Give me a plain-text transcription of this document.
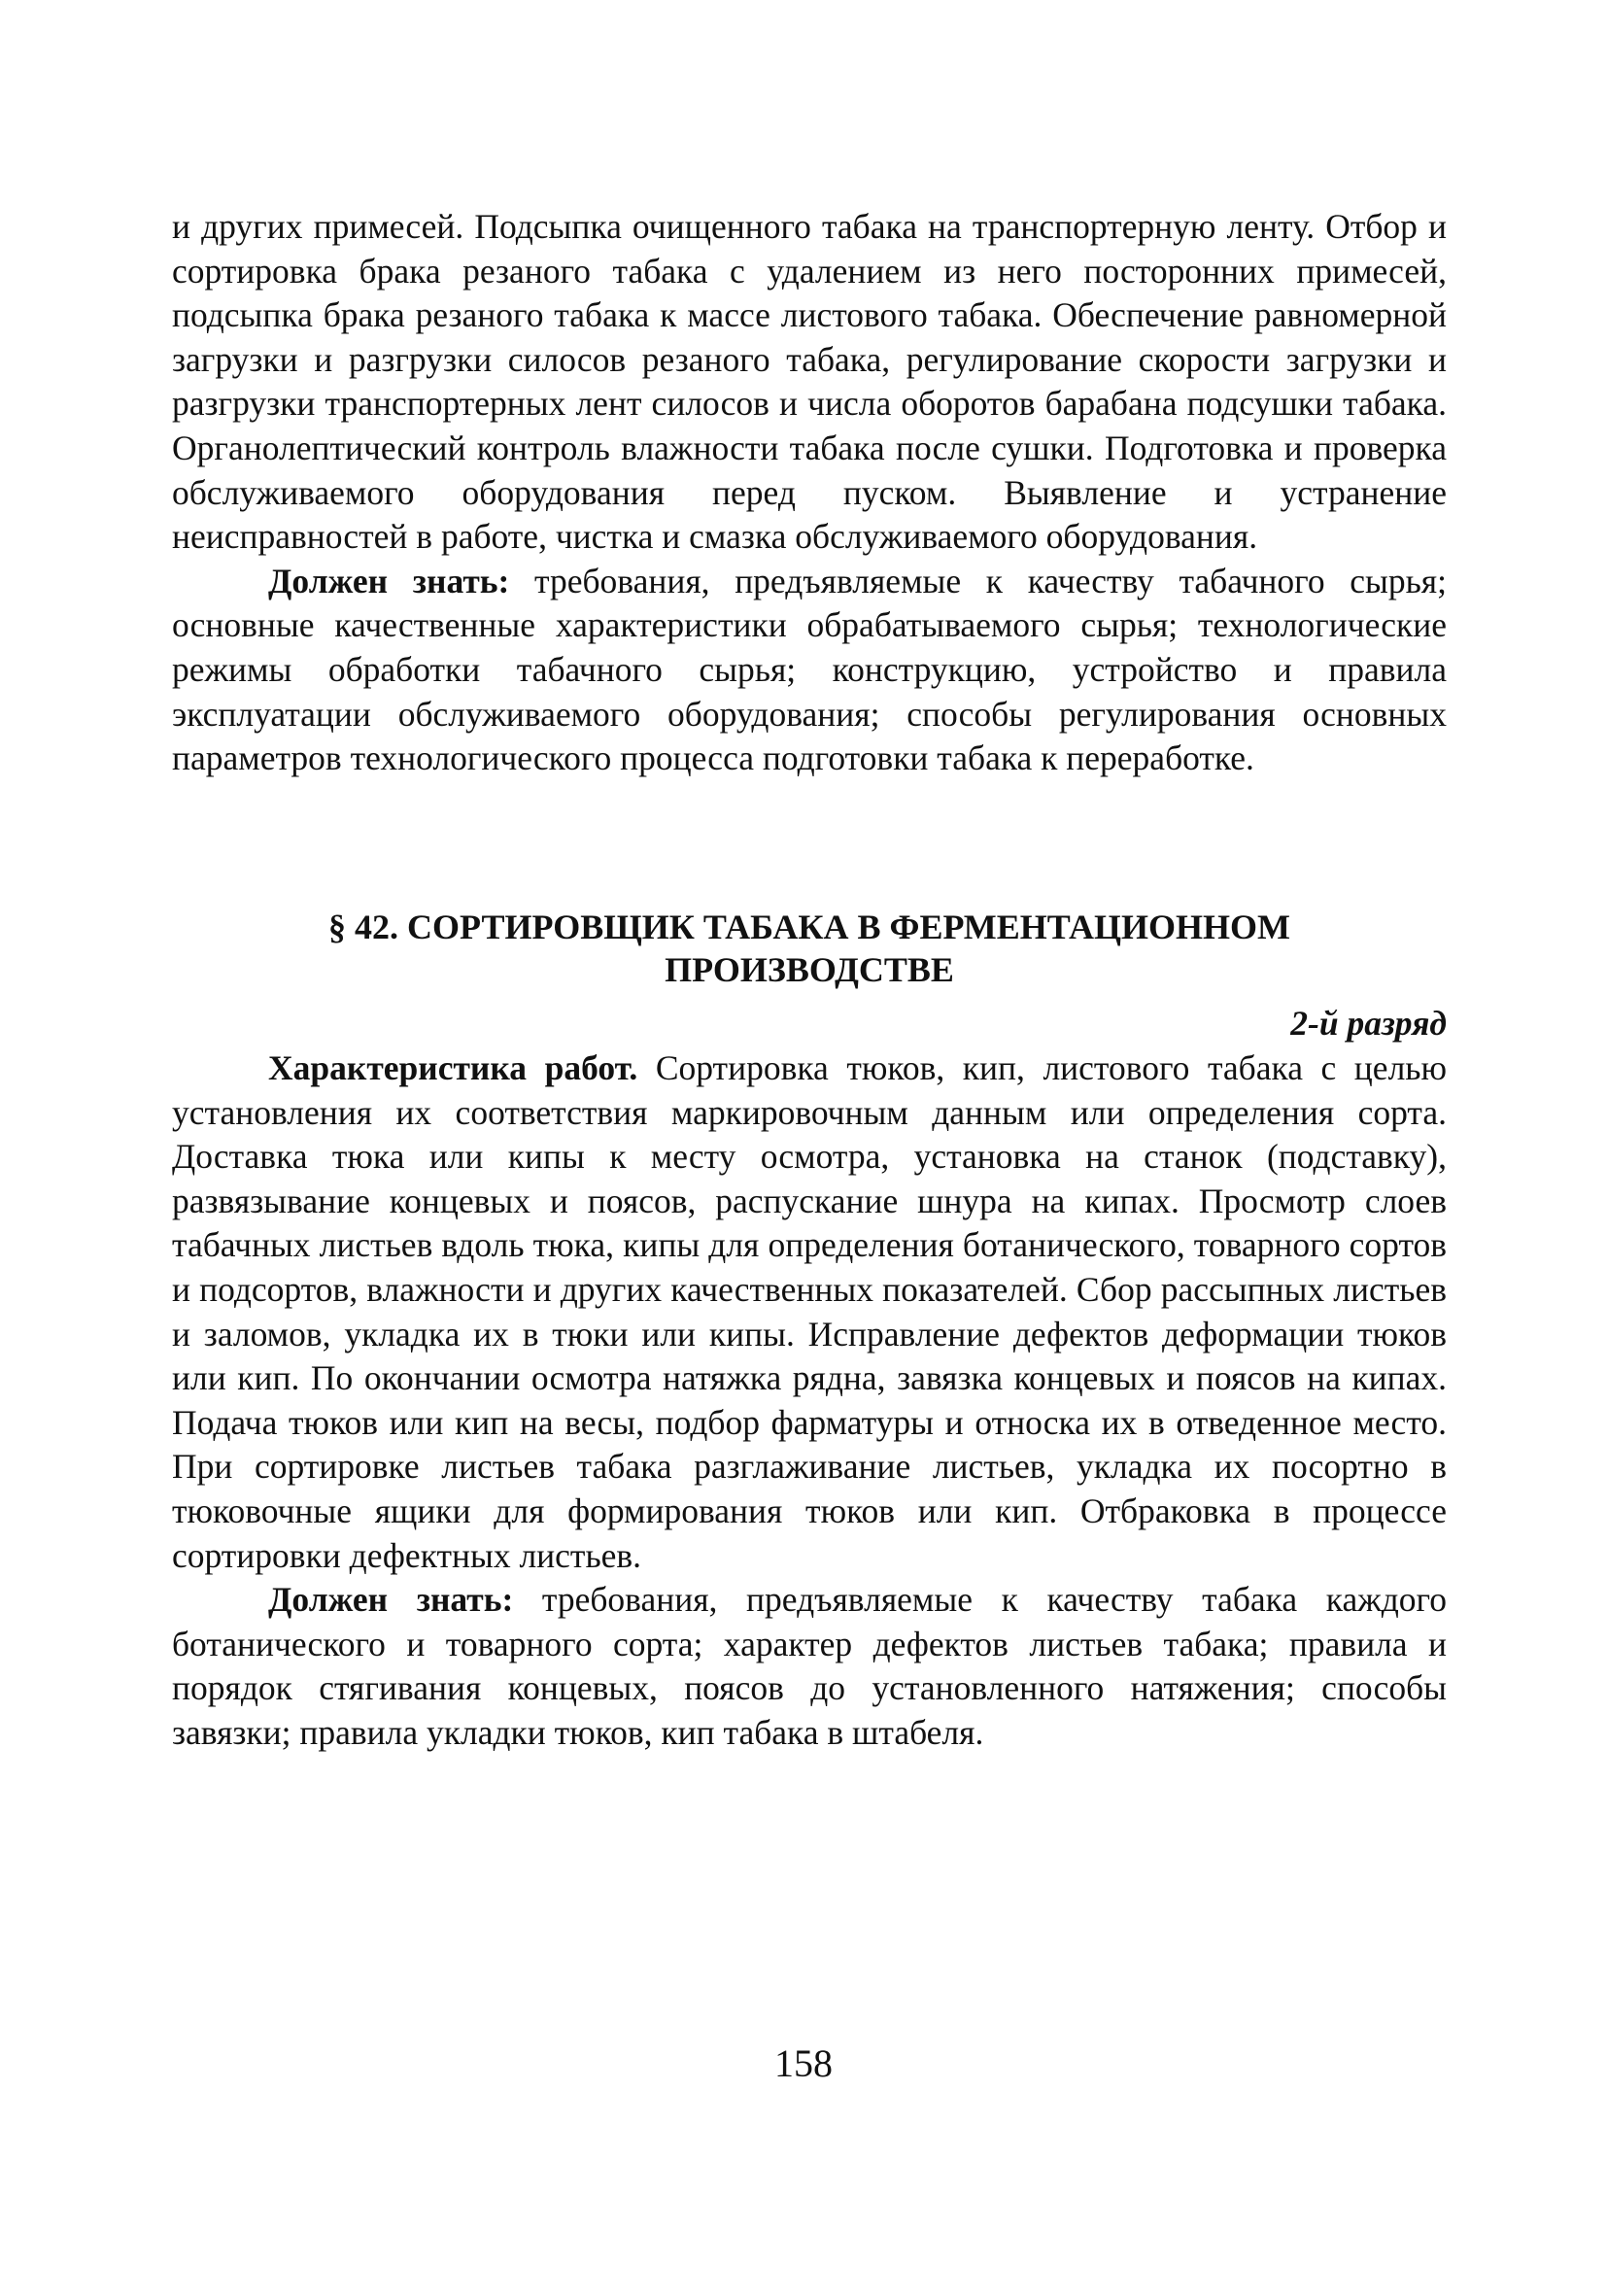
и других примесей. Подсыпка очищенного табака на транспортерную ленту. Отбор и сортировка брака резаного табака с удалением из него посторонних примесей, подсыпка брака резаного табака к массе листового табака. Обеспечение равномерной загрузки и разгрузки силосов резаного табака, регулирование скорости загрузки и разгрузки транспортерных лент силосов и числа оборотов барабана подсушки табака. Органолептический контроль влажности табака после сушки. Подготовка и проверка обслуживаемого оборудования перед пуском. Выявление и устранение неисправностей в работе, чистка и смазка обслуживаемого оборудования.

Должен знать: требования, предъявляемые к качеству табачного сырья; основные качественные характеристики обрабатываемого сырья; технологические режимы обработки табачного сырья; конструкцию, устройство и правила эксплуатации обслуживаемого оборудования; способы регулирования основных параметров технологического процесса подготовки табака к переработке.

§ 42. СОРТИРОВЩИК ТАБАКА В ФЕРМЕНТАЦИОННОМ
ПРОИЗВОДСТВЕ
2-й разряд

Характеристика работ. Сортировка тюков, кип, листового табака с целью установления их соответствия маркировочным данным или определения сорта. Доставка тюка или кипы к месту осмотра, установка на станок (подставку), развязывание концевых и поясов, распускание шнура на кипах. Просмотр слоев табачных листьев вдоль тюка, кипы для определения ботанического, товарного сортов и подсортов, влажности и других качественных показателей. Сбор рассыпных листьев и заломов, укладка их в тюки или кипы. Исправление дефектов деформации тюков или кип. По окончании осмотра натяжка рядна, завязка концевых и поясов на кипах. Подача тюков или кип на весы, подбор фарматуры и относка их в отведенное место. При сортировке листьев табака разглаживание листьев, укладка их посортно в тюковочные ящики для формирования тюков или кип. Отбраковка в процессе сортировки дефектных листьев.

Должен знать: требования, предъявляемые к качеству табака каждого ботанического и товарного сорта; характер дефектов листьев табака; правила и порядок стягивания концевых, поясов до установленного натяжения; способы завязки; правила укладки тюков, кип табака в штабеля.

158
